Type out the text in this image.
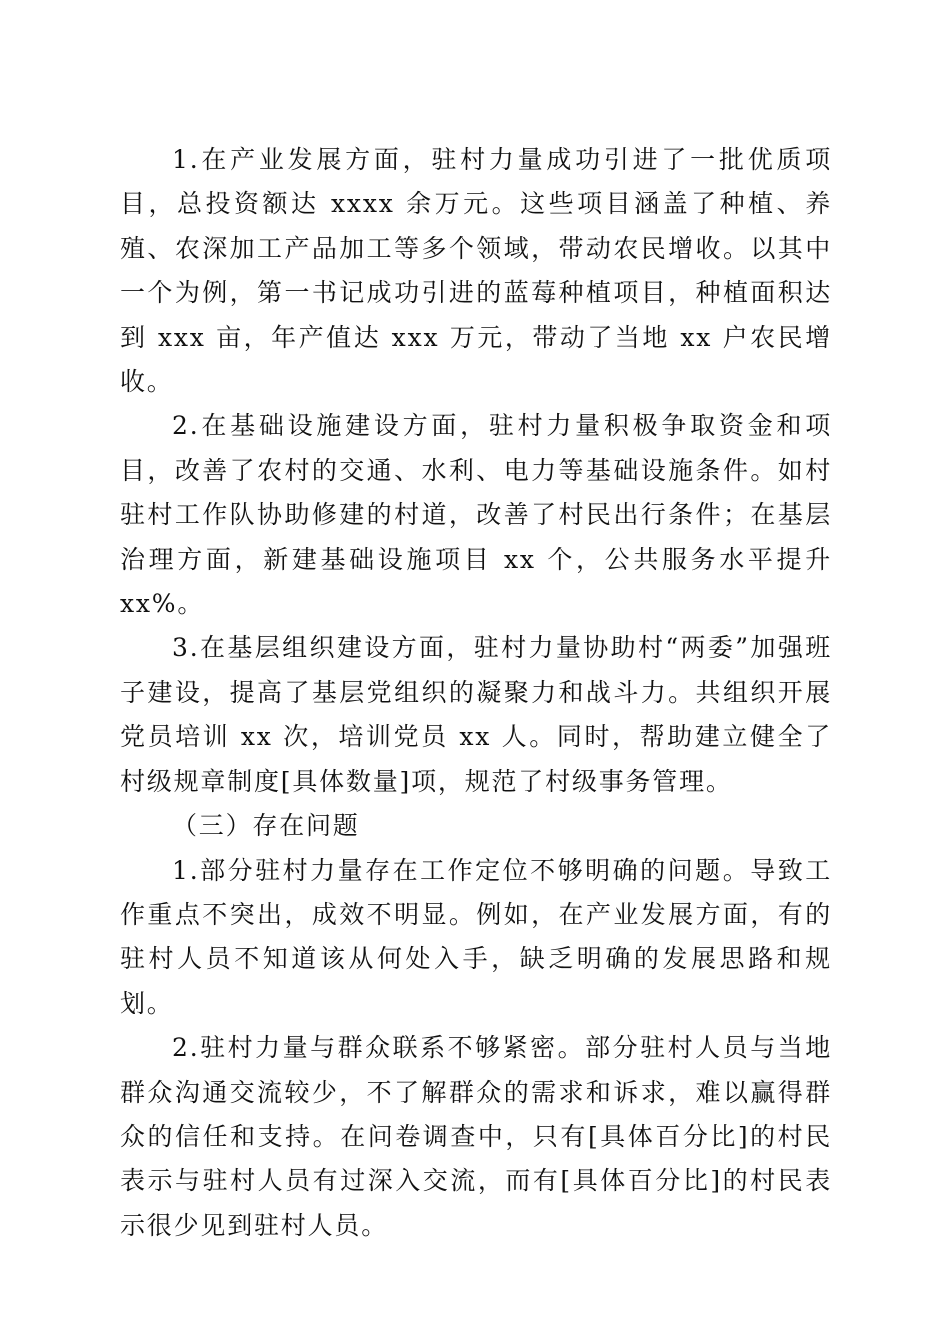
1.在产业发展方面，驻村力量成功引进了一批优质项目，总投资额达 xxxx 余万元。这些项目涵盖了种植、养殖、农深加工产品加工等多个领域，带动农民增收。以其中一个为例，第一书记成功引进的蓝莓种植项目，种植面积达到 xxx 亩，年产值达 xxx 万元，带动了当地 xx 户农民增收。

2.在基础设施建设方面，驻村力量积极争取资金和项目，改善了农村的交通、水利、电力等基础设施条件。如村驻村工作队协助修建的村道，改善了村民出行条件；在基层治理方面，新建基础设施项目 xx 个，公共服务水平提升 xx%。

3.在基层组织建设方面，驻村力量协助村“两委”加强班子建设，提高了基层党组织的凝聚力和战斗力。共组织开展党员培训 xx 次，培训党员 xx 人。同时，帮助建立健全了村级规章制度[具体数量]项，规范了村级事务管理。

（三）存在问题

1.部分驻村力量存在工作定位不够明确的问题。导致工作重点不突出，成效不明显。例如，在产业发展方面，有的驻村人员不知道该从何处入手，缺乏明确的发展思路和规划。

2.驻村力量与群众联系不够紧密。部分驻村人员与当地群众沟通交流较少，不了解群众的需求和诉求，难以赢得群众的信任和支持。在问卷调查中，只有[具体百分比]的村民表示与驻村人员有过深入交流，而有[具体百分比]的村民表示很少见到驻村人员。
